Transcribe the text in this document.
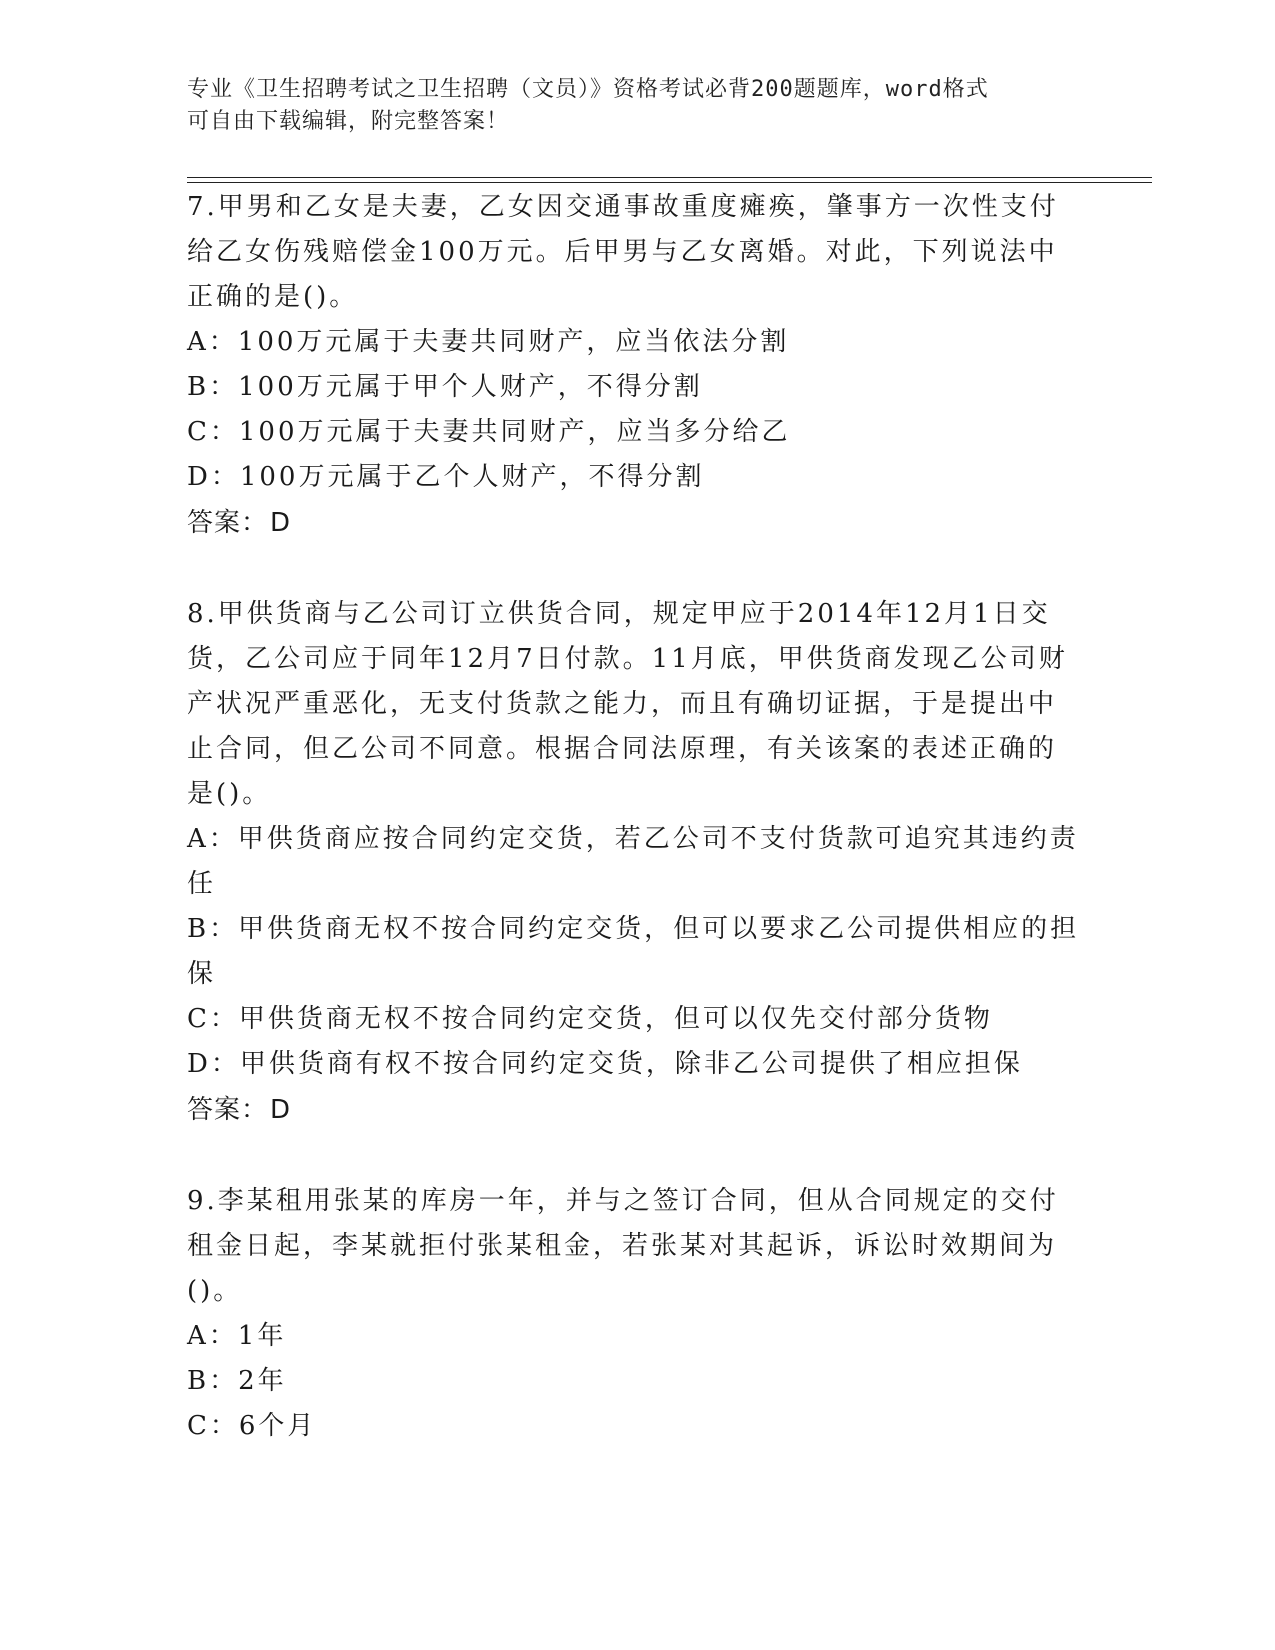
专业《卫生招聘考试之卫生招聘（文员）》资格考试必背200题题库，word格式
可自由下载编辑，附完整答案！

7.甲男和乙女是夫妻，乙女因交通事故重度瘫痪，肇事方一次性支付

给乙女伤残赔偿金100万元。后甲男与乙女离婚。对此，下列说法中

正确的是()。

A：100万元属于夫妻共同财产，应当依法分割

B：100万元属于甲个人财产，不得分割

C：100万元属于夫妻共同财产，应当多分给乙

D：100万元属于乙个人财产，不得分割

答案：D

8.甲供货商与乙公司订立供货合同，规定甲应于2014年12月1日交

货，乙公司应于同年12月7日付款。11月底，甲供货商发现乙公司财

产状况严重恶化，无支付货款之能力，而且有确切证据，于是提出中

止合同，但乙公司不同意。根据合同法原理，有关该案的表述正确的

是()。

A：甲供货商应按合同约定交货，若乙公司不支付货款可追究其违约责

任

B：甲供货商无权不按合同约定交货，但可以要求乙公司提供相应的担

保

C：甲供货商无权不按合同约定交货，但可以仅先交付部分货物

D：甲供货商有权不按合同约定交货，除非乙公司提供了相应担保

答案：D

9.李某租用张某的库房一年，并与之签订合同，但从合同规定的交付

租金日起，李某就拒付张某租金，若张某对其起诉，诉讼时效期间为

()。

A：1年

B：2年

C：6个月
